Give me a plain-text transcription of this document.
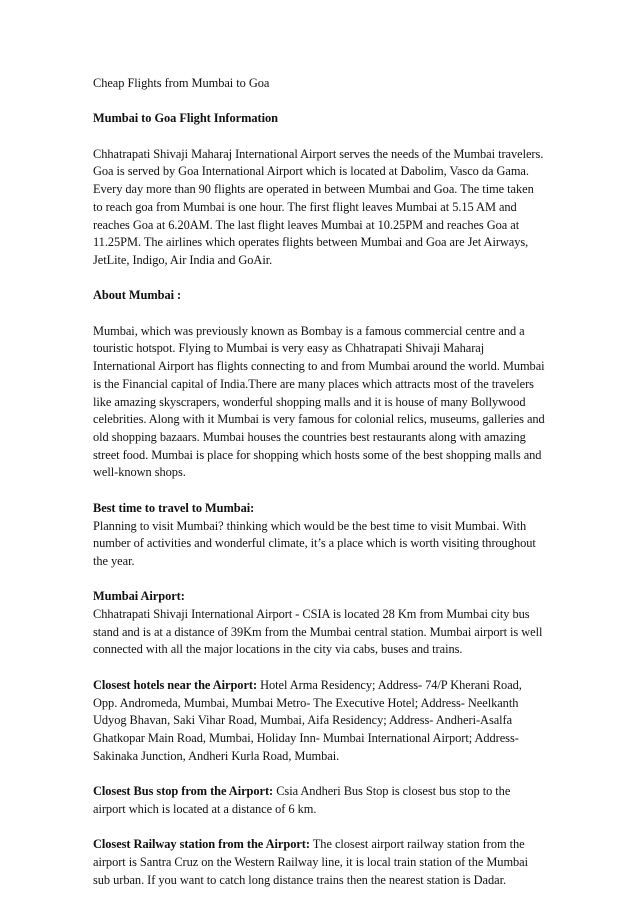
Cheap Flights from Mumbai to Goa

Mumbai to Goa Flight Information

Chhatrapati Shivaji Maharaj International Airport serves the needs of the Mumbai travelers. Goa is served by Goa International Airport which is located at Dabolim, Vasco da Gama. Every day more than 90 flights are operated in between Mumbai and Goa. The time taken to reach goa from Mumbai is one hour. The first flight leaves Mumbai at 5.15 AM and reaches Goa at 6.20AM. The last flight leaves Mumbai at 10.25PM and reaches Goa at 11.25PM. The airlines which operates flights between Mumbai and Goa are Jet Airways, JetLite, Indigo, Air India and GoAir.

About Mumbai :

Mumbai, which was previously known as Bombay is a famous commercial centre and a touristic hotspot. Flying to Mumbai is very easy as Chhatrapati Shivaji Maharaj International Airport has flights connecting to and from Mumbai around the world. Mumbai is the Financial capital of India.There are many places which attracts most of the travelers like amazing skyscrapers, wonderful shopping malls and it is house of many Bollywood celebrities. Along with it Mumbai is very famous for colonial relics, museums, galleries and old shopping bazaars. Mumbai houses the countries best restaurants along with amazing street food. Mumbai is place for shopping which hosts some of the best shopping malls and well-known shops.

Best time to travel to Mumbai:
Planning to visit Mumbai? thinking which would be the best time to visit Mumbai. With number of activities and wonderful climate, it’s a place which is worth visiting throughout the year.

Mumbai Airport:
Chhatrapati Shivaji International Airport - CSIA is located 28 Km from Mumbai city bus stand and is at a distance of 39Km from the Mumbai central station. Mumbai airport is well connected with all the major locations in the city via cabs, buses and trains.

Closest hotels near the Airport: Hotel Arma Residency; Address- 74/P Kherani Road, Opp. Andromeda, Mumbai, Mumbai Metro- The Executive Hotel; Address- Neelkanth Udyog Bhavan, Saki Vihar Road, Mumbai, Aifa Residency; Address- Andheri-Asalfa Ghatkopar Main Road, Mumbai, Holiday Inn- Mumbai International Airport; Address-Sakinaka Junction, Andheri Kurla Road, Mumbai.

Closest Bus stop from the Airport: Csia Andheri Bus Stop is closest bus stop to the airport which is located at a distance of 6 km.

Closest Railway station from the Airport: The closest airport railway station from the airport is Santra Cruz on the Western Railway line, it is local train station of the Mumbai sub urban. If you want to catch long distance trains then the nearest station is Dadar.
